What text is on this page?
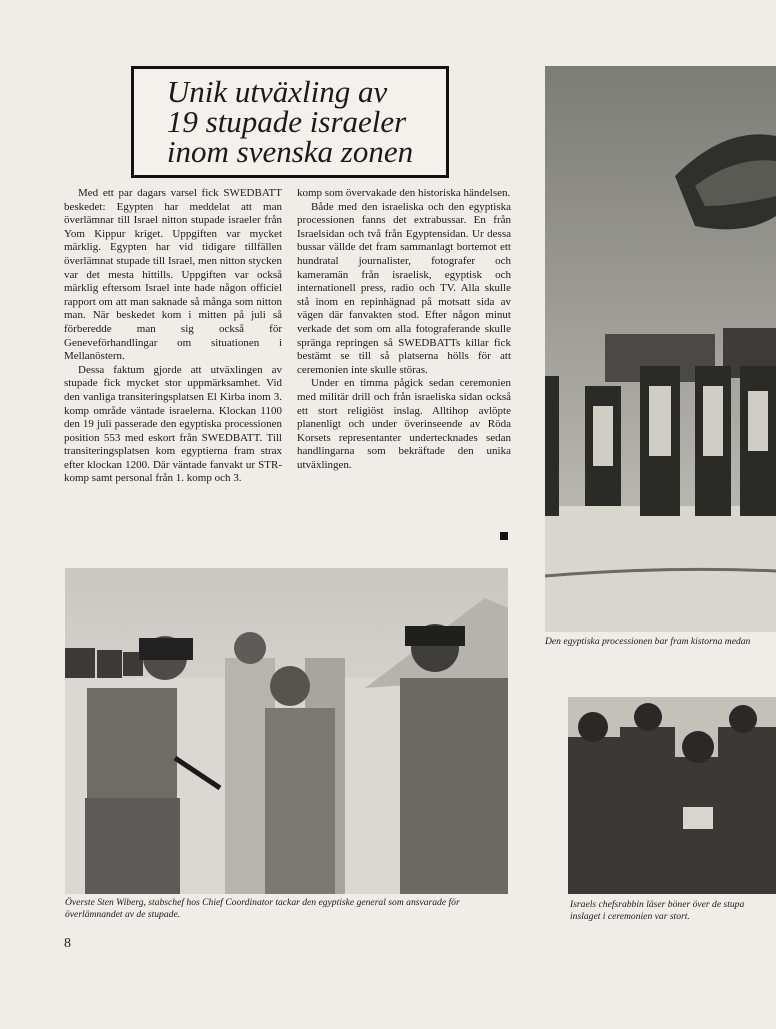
Unik utväxling av
19 stupade israeler
inom svenska zonen

Med ett par dagars varsel fick SWEDBATT beskedet: Egypten har meddelat att man överlämnar till Israel nitton stupade israeler från Yom Kippur kriget. Uppgiften var mycket märklig. Egypten har vid tidigare tillfällen överlämnat stupade till Israel, men nitton stycken var det mesta hittills. Uppgiften var också märklig eftersom Israel inte hade någon officiel rapport om att man saknade så många som nitton man. När beskedet kom i mitten på juli så förberedde man sig också för Geneveförhandlingar om situationen i Mellanöstern.

Dessa faktum gjorde att utväxlingen av stupade fick mycket stor uppmärksamhet. Vid den vanliga transiteringsplatsen El Kirba inom 3. komp område väntade israelerna. Klockan 1100 den 19 juli passerade den egyptiska processionen position 553 med eskort från SWEDBATT. Till transiteringsplatsen kom egyptierna fram strax efter klockan 1200. Där väntade fanvakt ur STR-komp samt personal från 1. komp och 3.

komp som övervakade den historiska händelsen.

Både med den israeliska och den egyptiska processionen fanns det extrabussar. En från Israelsidan och två från Egyptensidan. Ur dessa bussar vällde det fram sammanlagt bortemot ett hundratal journalister, fotografer och kameramän från israelisk, egyptisk och internationell press, radio och TV. Alla skulle stå inom en repinhägnad på motsatt sida av vägen där fanvakten stod. Efter någon minut verkade det som om alla fotograferande skulle spränga repringen så SWEDBATTs killar fick bestämt se till så platserna hölls för att ceremonien inte skulle störas.

Under en timma pågick sedan ceremonien med militär drill och från israeliska sidan också ett stort religiöst inslag. Alltihop avlöpte planenligt och under överinseende av Röda Korsets representanter undertecknades sedan handlingarna som bekräftade den unika utväxlingen.

Den egyptiska processionen bar fram kistorna medan
Överste Sten Wiberg, stabschef hos Chief Coordinator tackar den egyptiske general som ansvarade för överlämnandet av de stupade.
Israels chefsrabbin läser böner över de stupa
inslaget i ceremonien var stort.
8
